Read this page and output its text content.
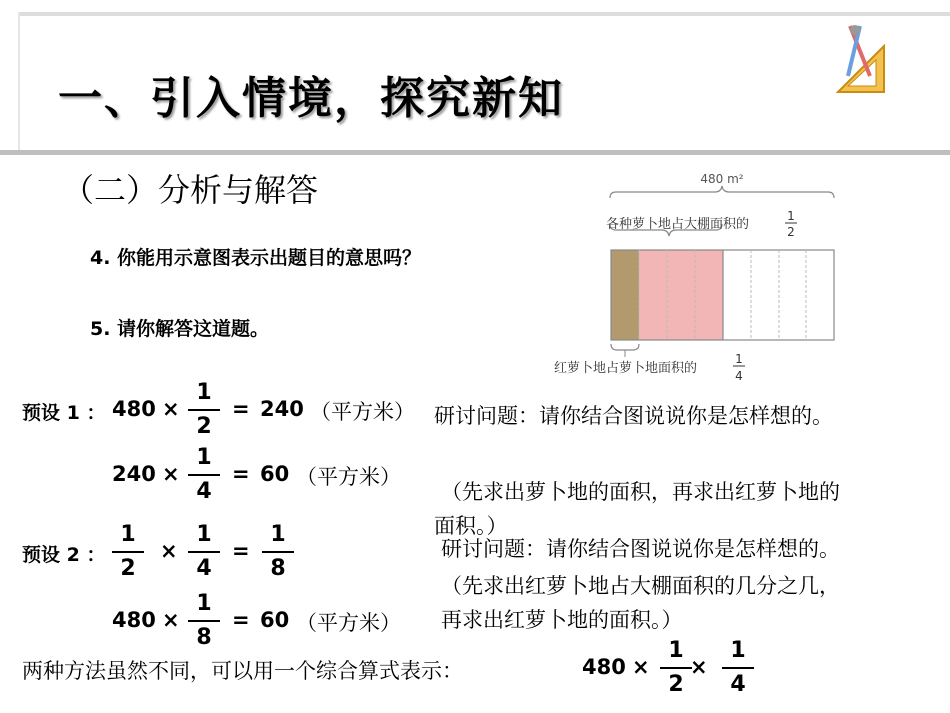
一、引入情境，探究新知
（二）分析与解答
4. 你能用示意图表示出题目的意思吗？
5. 请你解答这道题。
480 m²
各种萝卜地占大棚面积的
1
2
红萝卜地占萝卜地面积的
1
4
预设 1 ： 480 ×
1
2
= 240 （平方米） 研讨问题：请你结合图说说你是怎样想的。
240 ×
1
4
= 60 （平方米）
（先求出萝卜地的面积，再求出红萝卜地的
面积。）
预设 2 ：
1
2
×
1
4
=
1
8
研讨问题：请你结合图说说你是怎样想的。
（先求出红萝卜地占大棚面积的几分之几，
再求出红萝卜地的面积。）
480 ×
1
8
= 60 （平方米）
两种方法虽然不同，可以用一个综合算式表示：	480 ×
1
2
×
1
4
